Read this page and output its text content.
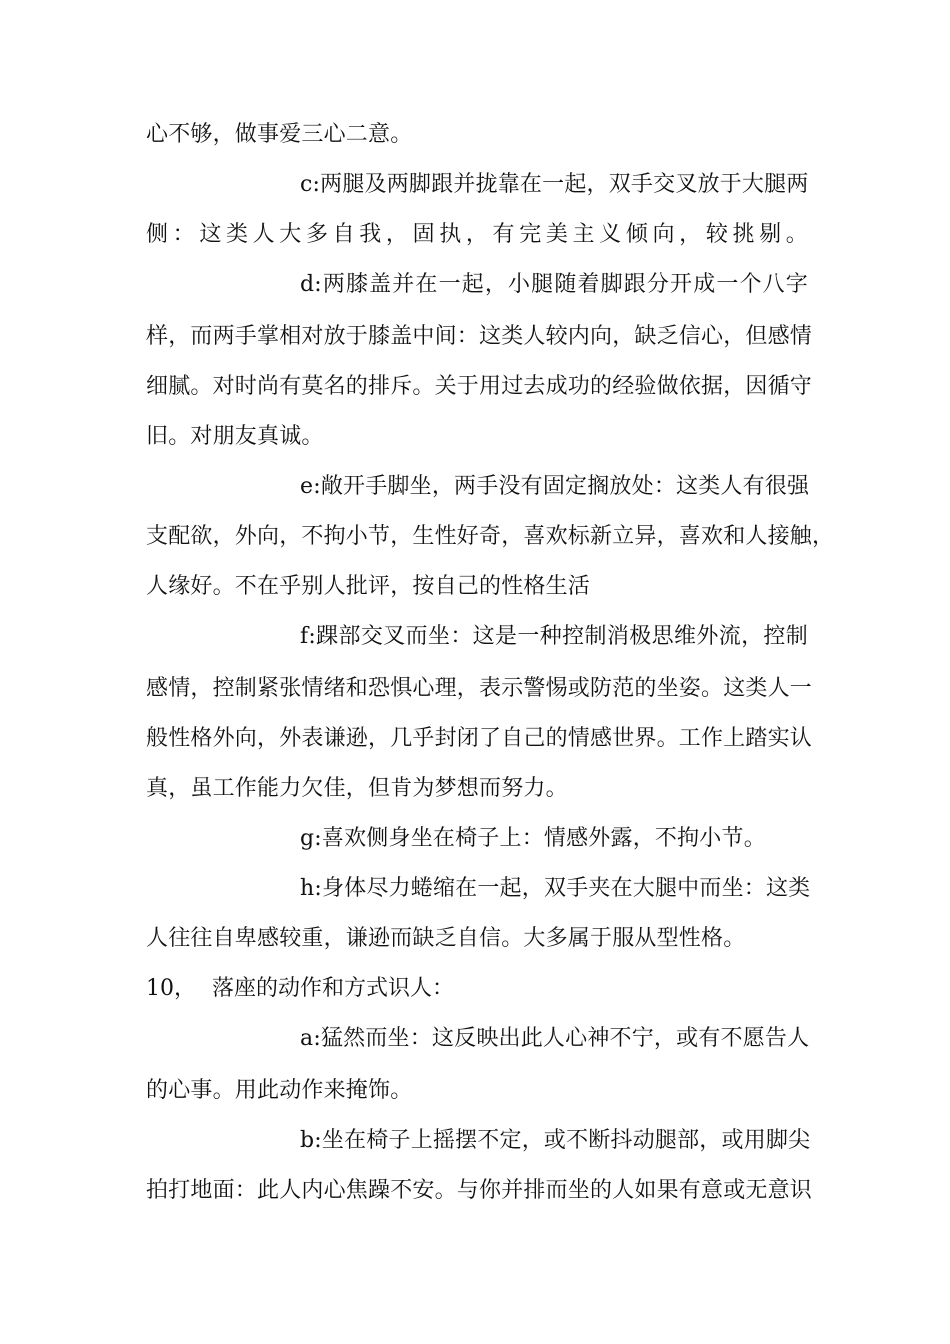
心不够，做事爱三心二意。
c:两腿及两脚跟并拢靠在一起，双手交叉放于大腿两
侧：这类人大多自我，固执，有完美主义倾向，较挑剔。
d:两膝盖并在一起，小腿随着脚跟分开成一个八字
样，而两手掌相对放于膝盖中间：这类人较内向，缺乏信心，但感情
细腻。对时尚有莫名的排斥。关于用过去成功的经验做依据，因循守
旧。对朋友真诚。
e:敞开手脚坐，两手没有固定搁放处：这类人有很强
支配欲，外向，不拘小节，生性好奇，喜欢标新立异，喜欢和人接触，
人缘好。不在乎别人批评，按自己的性格生活
f:踝部交叉而坐：这是一种控制消极思维外流，控制
感情，控制紧张情绪和恐惧心理，表示警惕或防范的坐姿。这类人一
般性格外向，外表谦逊，几乎封闭了自己的情感世界。工作上踏实认
真，虽工作能力欠佳，但肯为梦想而努力。
g:喜欢侧身坐在椅子上：情感外露，不拘小节。
h:身体尽力蜷缩在一起，双手夹在大腿中而坐：这类
人往往自卑感较重，谦逊而缺乏自信。大多属于服从型性格。
10， 落座的动作和方式识人：
a:猛然而坐：这反映出此人心神不宁，或有不愿告人
的心事。用此动作来掩饰。
b:坐在椅子上摇摆不定，或不断抖动腿部，或用脚尖
拍打地面：此人内心焦躁不安。与你并排而坐的人如果有意或无意识
